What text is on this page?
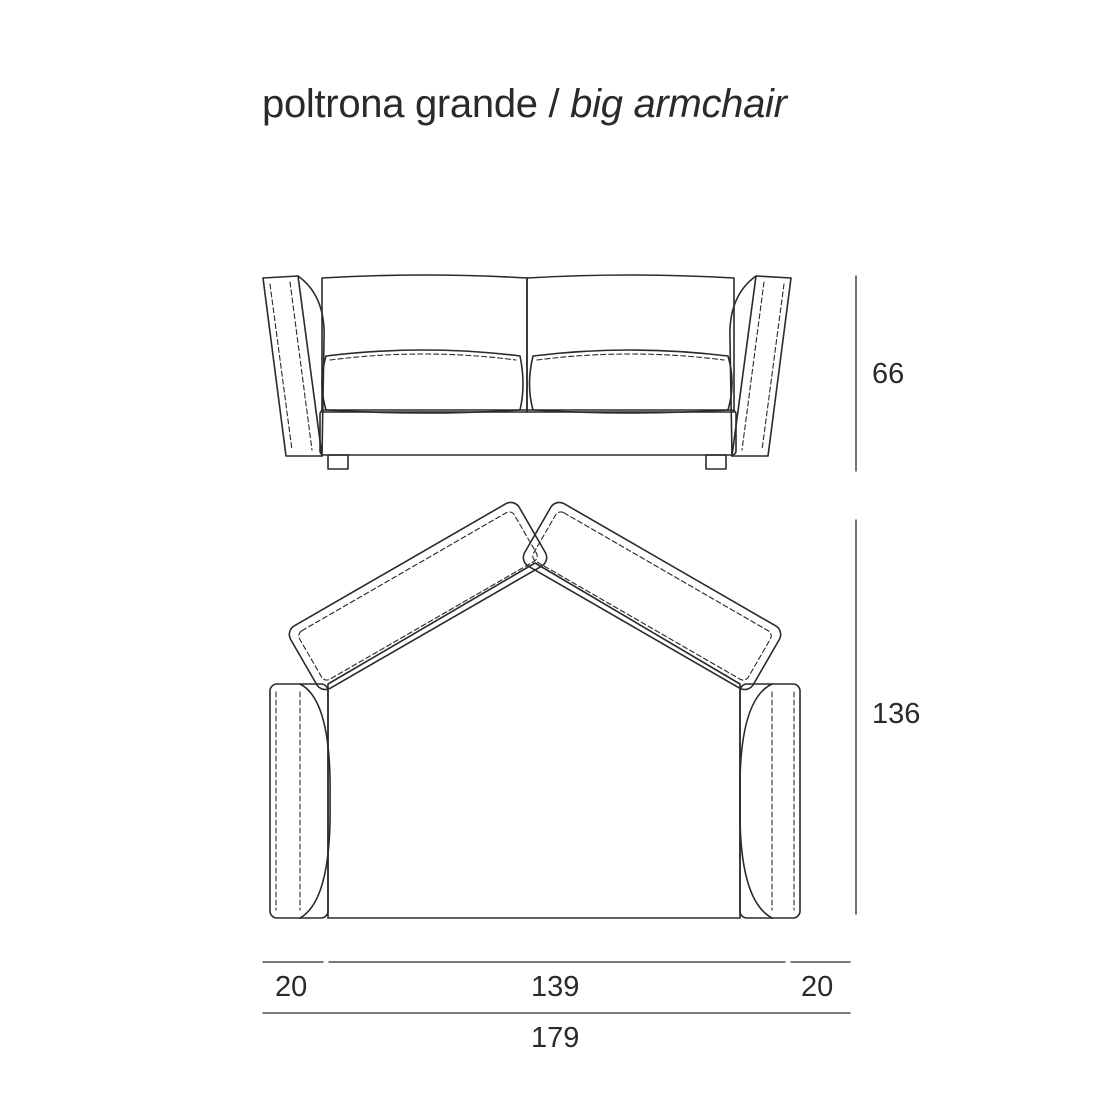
poltrona grande / big armchair
66
136
20	139	20
179
